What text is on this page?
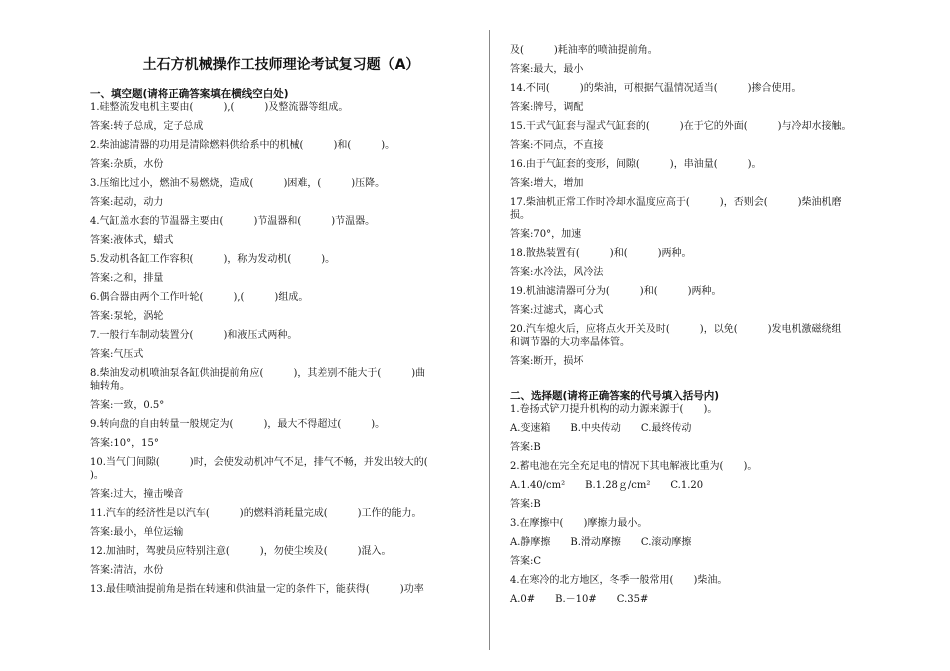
土石方机械操作工技师理论考试复习题（A）
一、填空题(请将正确答案填在横线空白处)

1.硅整流发电机主要由(　　　),(　　　)及整流器等组成。

答案:转子总成，定子总成

2.柴油滤清器的功用是清除燃料供给系中的机械(　　　)和(　　　)。

答案:杂质，水份

3.压缩比过小，燃油不易燃烧，造成(　　　)困难，(　　　)压降。

答案:起动，动力

4.气缸盖水套的节温器主要由(　　　)节温器和(　　　)节温器。

答案:液体式，蜡式

5.发动机各缸工作容积(　　　)，称为发动机(　　　)。

答案:之和，排量

6.偶合器由两个工作叶轮(　　　),(　　　)组成。

答案:泵轮，涡轮

7.一般行车制动装置分(　　　)和液压式两种。

答案:气压式

8.柴油发动机喷油泵各缸供油提前角应(　　　)，其差别不能大于(　　　)曲

轴转角。

答案:一致，0.5°

9.转向盘的自由转量一般规定为(　　　)，最大不得超过(　　　)。

答案:10°，15°

10.当气门间隙(　　　)时，会使发动机冲气不足，排气不畅，并发出较大的(

)。

答案:过大，撞击噪音

11.汽车的经济性是以汽车(　　　)的燃料消耗量完成(　　　)工作的能力。

答案:最小，单位运输

12.加油时，驾驶员应特别注意(　　　)，勿使尘埃及(　　　)混入。

答案:清洁，水份

13.最佳喷油提前角是指在转速和供油量一定的条件下，能获得(　　　)功率

及(　　　)耗油率的喷油提前角。

答案:最大，最小

14.不同(　　　)的柴油，可根据气温情况适当(　　　)掺合使用。

答案:牌号，调配

15.干式气缸套与湿式气缸套的(　　　)在于它的外面(　　　)与冷却水接触。

答案:不同点，不直接

16.由于气缸套的变形，间隙(　　　)，串油量(　　　)。

答案:增大，增加

17.柴油机正常工作时冷却水温度应高于(　　　)，否则会(　　　)柴油机磨

损。

答案:70°，加速

18.散热装置有(　　　)和(　　　)两种。

答案:水冷法，风冷法

19.机油滤清器可分为(　　　)和(　　　)两种。

答案:过滤式，离心式

20.汽车熄火后，应将点火开关及时(　　　)，以免(　　　)发电机激磁绕组

和调节器的大功率晶体管。

答案:断开，损坏

二、选择题(请将正确答案的代号填入括号内)

1.卷扬式铲刀提升机构的动力源来源于(　　)。

A.变速箱　　B.中央传动　　C.最终传动

答案:B

2.蓄电池在完全充足电的情况下其电解液比重为(　　)。

A.1.40/cm²　　B.1.28ｇ/cm²　　C.1.20

答案:B

3.在摩擦中(　　)摩擦力最小。

A.静摩擦　　B.滑动摩擦　　C.滚动摩擦

答案:C

4.在寒冷的北方地区，冬季一般常用(　　)柴油。

A.0#　　B.－10#　　C.35#
